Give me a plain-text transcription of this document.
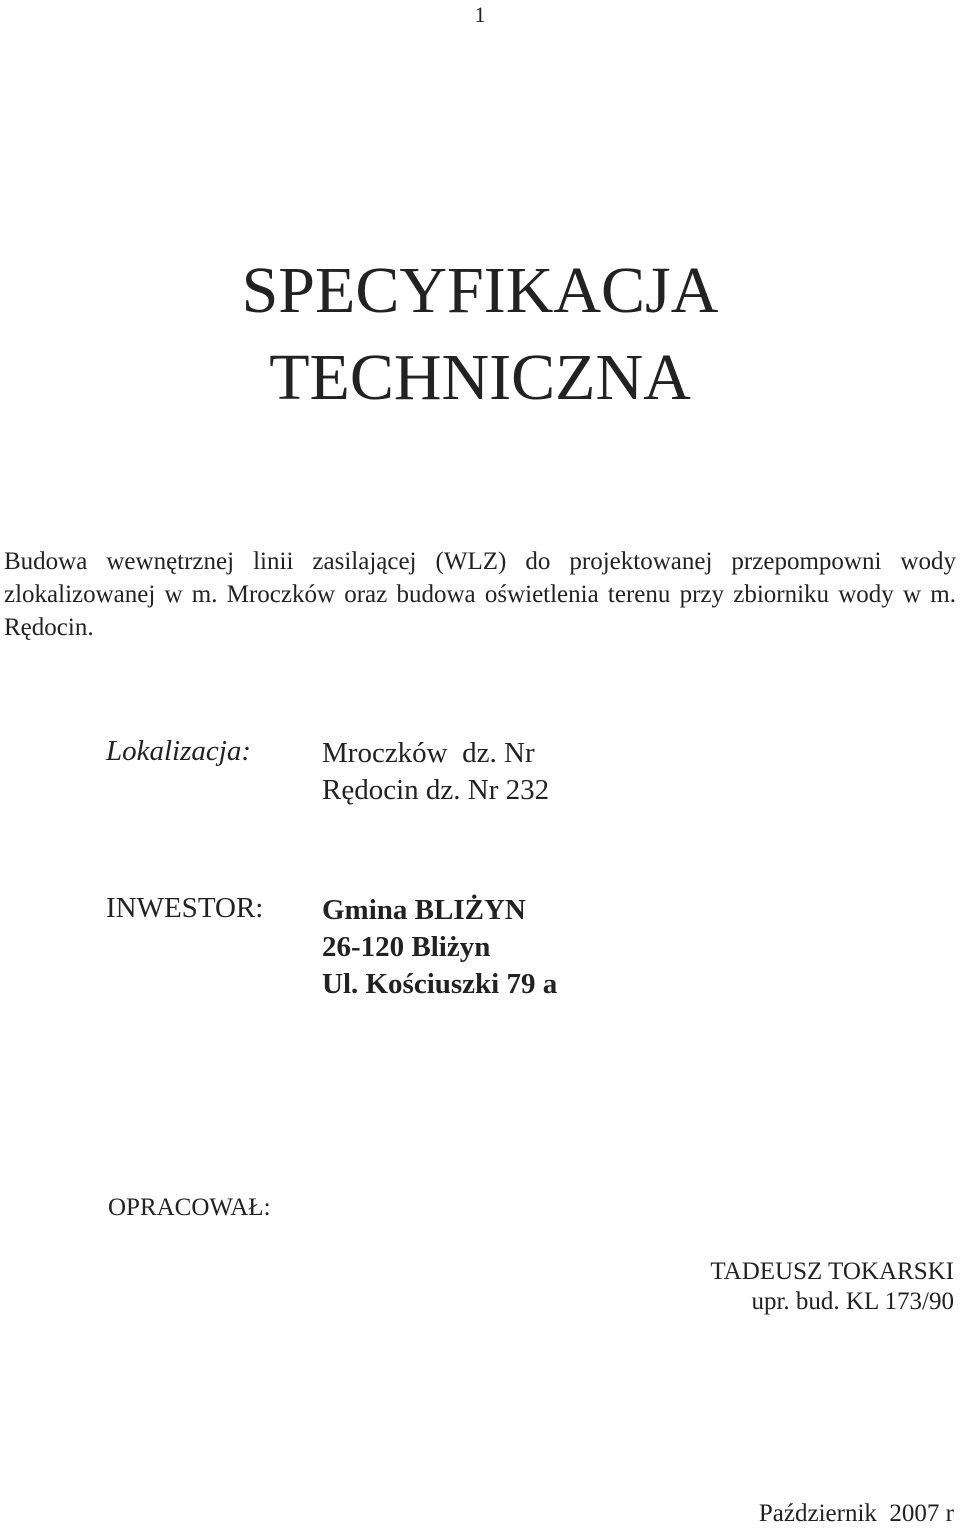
1
SPECYFIKACJA
TECHNICZNA
Budowa wewnętrznej linii zasilającej (WLZ) do projektowanej przepompowni wody zlokalizowanej w m. Mroczków oraz budowa oświetlenia terenu przy zbiorniku wody w m. Rędocin.
Lokalizacja: Mroczków  dz. Nr
Rędocin dz. Nr 232
INWESTOR: Gmina BLIŻYN
26-120 Bliżyn
Ul. Kościuszki 79 a
OPRACOWAŁ:
TADEUSZ TOKARSKI
upr. bud. KL 173/90
Październik  2007 r
